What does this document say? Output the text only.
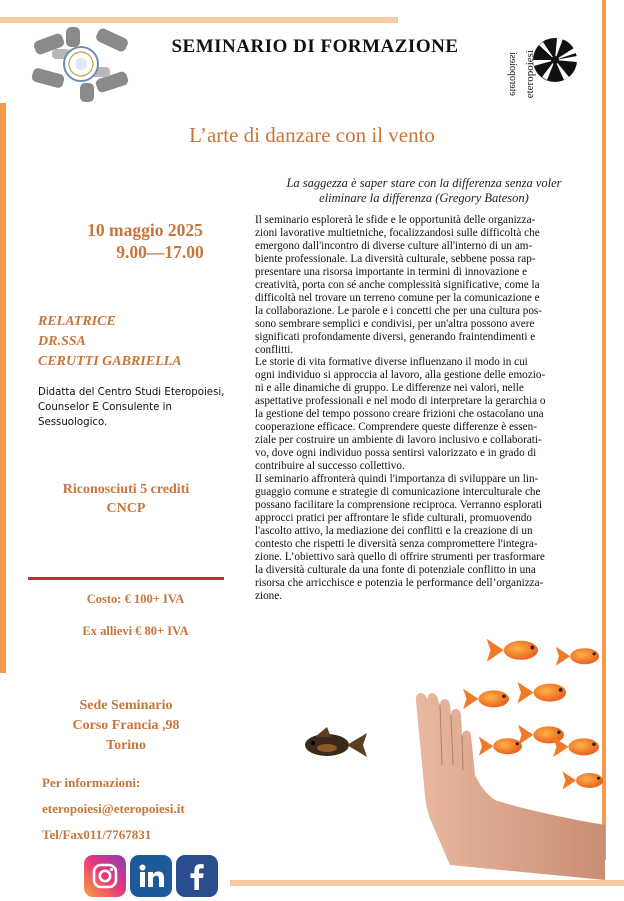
SEMINARIO DI FORMAZIONE
eteropoiesi eteropoiesi
L’arte di danzare con il vento
La saggezza è saper stare con la differenza senza voler
eliminare la differenza (Gregory Bateson)
Il seminario esplorerà le sfide e le opportunità delle organizza-
zioni lavorative multietniche, focalizzandosi sulle difficoltà che
emergono dall'incontro di diverse culture all'interno di un am-
biente professionale. La diversità culturale, sebbene possa rap-
presentare una risorsa importante in termini di innovazione e
creatività, porta con sé anche complessità significative, come la
difficoltà nel trovare un terreno comune per la comunicazione e
la collaborazione. Le parole e i concetti che per una cultura pos-
sono sembrare semplici e condivisi, per un'altra possono avere
significati profondamente diversi, generando fraintendimenti e
conflitti.
Le storie di vita formative diverse influenzano il modo in cui
ogni individuo si approccia al lavoro, alla gestione delle emozio-
ni e alle dinamiche di gruppo. Le differenze nei valori, nelle
aspettative professionali e nel modo di interpretare la gerarchia o
la gestione del tempo possono creare frizioni che ostacolano una
cooperazione efficace. Comprendere queste differenze è essen-
ziale per costruire un ambiente di lavoro inclusivo e collaborati-
vo, dove ogni individuo possa sentirsi valorizzato e in grado di
contribuire al successo collettivo.
Il seminario affronterà quindi l'importanza di sviluppare un lin-
guaggio comune e strategie di comunicazione interculturale che
possano facilitare la comprensione reciproca. Verranno esplorati
approcci pratici per affrontare le sfide culturali, promuovendo
l'ascolto attivo, la mediazione dei conflitti e la creazione di un
contesto che rispetti le diversità senza compromettere l'integra-
zione. L’obiettivo sarà quello di offrire strumenti per trasformare
la diversità culturale da una fonte di potenziale conflitto in una
risorsa che arricchisce e potenzia le performance dell’organizza-
zione.
10 maggio 2025
9.00—17.00
RELATRICE
DR.SSA
CERUTTI GABRIELLA
Didatta del Centro Studi Eteropoiesi, Counselor E Consulente in Sessuologico.
Riconosciuti 5 crediti
CNCP
Costo: € 100+ IVA
Ex allievi € 80+ IVA
Sede Seminario
Corso Francia ,98
Torino
Per informazioni:
eteropoiesi@eteropoiesi.it
Tel/Fax011/7767831
